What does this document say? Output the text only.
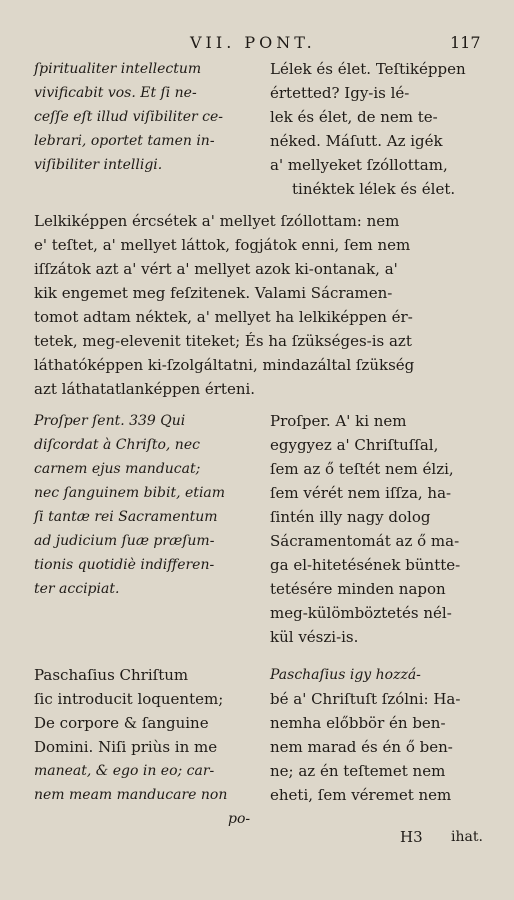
VII. PONT.	117
ſpiritualiter intellectum
vivificabit vos. Et ſi ne-
ceſſe eſt illud viſibiliter ce-
lebrari, oportet tamen in-
viſibiliter intelligi.
Lélek és élet. Teſtiképpen
értetted? Igy-is lé-
lek és élet, de nem te-
néked. Máſutt. Az igék
a' mellyeket ſzóllottam,
tinéktek lélek és élet.
Lelkiképpen ércsétek a' mellyet ſzóllottam: nem
e' teſtet, a' mellyet láttok, fogjátok enni, ſem nem
iſſzátok azt a' vért a' mellyet azok ki-ontanak, a'
kik engemet meg feſzitenek. Valami Sácramen-
tomot adtam néktek, a' mellyet ha lelkiképpen ér-
tetek, meg-elevenit titeket; És ha ſzükséges-is azt
láthatóképpen ki-ſzolgáltatni, mindazáltal ſzükség
azt láthatatlanképpen érteni.
Proſper ſent. 339 Qui
diſcordat à Chriſto, nec
carnem ejus manducat;
nec ſanguinem bibit, etiam
ſi tantæ rei Sacramentum
ad judicium ſuæ præſum-
tionis quotidiè indifferen-
ter accipiat.
Proſper. A' ki nem
egygyez a' Chriſtuſſal,
ſem az ő teſtét nem élzi,
ſem vérét nem iſſza, ha-
ſintén illy nagy dolog
Sácramentomát az ő ma-
ga el-hitetésének büntte-
tetésére minden napon
meg-külömböztetés nél-
kül vészi-is.
Paschaſius Chriſtum
ſic introducit loquentem;
De corpore & ſanguine
Domini. Niſi priùs in me
maneat, & ego in eo; car-
nem meam manducare non
po-
Paschaſius igy hozzá-
bé a' Chriſtuſt ſzólni: Ha-
nemha előbbör én ben-
nem marad és én ő ben-
ne; az én teſtemet nem
eheti, ſem véremet nem
H3 ihat.
